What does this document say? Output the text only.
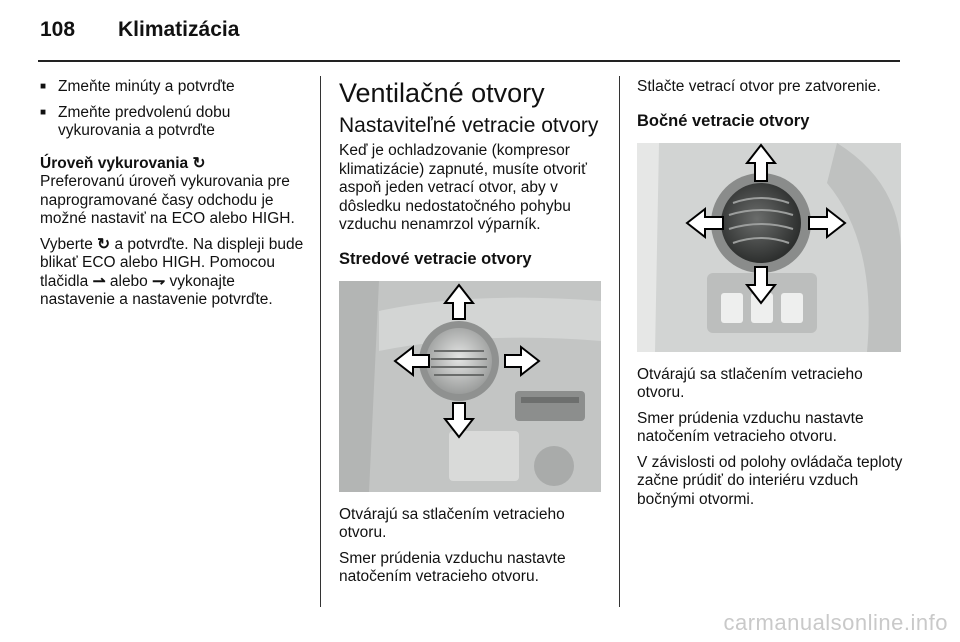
108 Klimatizácia

■ Zmeňte minúty a potvrďte

■ Zmeňte predvolenú dobu vykurovania a potvrďte

Úroveň vykurovania ↻

Preferovanú úroveň vykurovania pre naprogramované časy odchodu je možné nastaviť na ECO alebo HIGH.

Vyberte ↻ a potvrďte. Na displeji bude blikať ECO alebo HIGH. Pomocou tlačidla ⇀ alebo ⇁ vykonajte nastavenie a nastavenie potvrďte.

Ventilačné otvory
Nastaviteľné vetracie otvory

Keď je ochladzovanie (kompresor klimatizácie) zapnuté, musíte otvoriť aspoň jeden vetrací otvor, aby v dôsledku nedostatočného pohybu vzduchu nenamrzol výparník.

Stredové vetracie otvory

Otvárajú sa stlačením vetracieho otvoru.

Smer prúdenia vzduchu nastavte natočením vetracieho otvoru.

Stlačte vetrací otvor pre zatvorenie.

Bočné vetracie otvory

Otvárajú sa stlačením vetracieho otvoru.

Smer prúdenia vzduchu nastavte natočením vetracieho otvoru.

V závislosti od polohy ovládača teploty začne prúdiť do interiéru vzduch bočnými otvormi.

carmanualsonline.info
